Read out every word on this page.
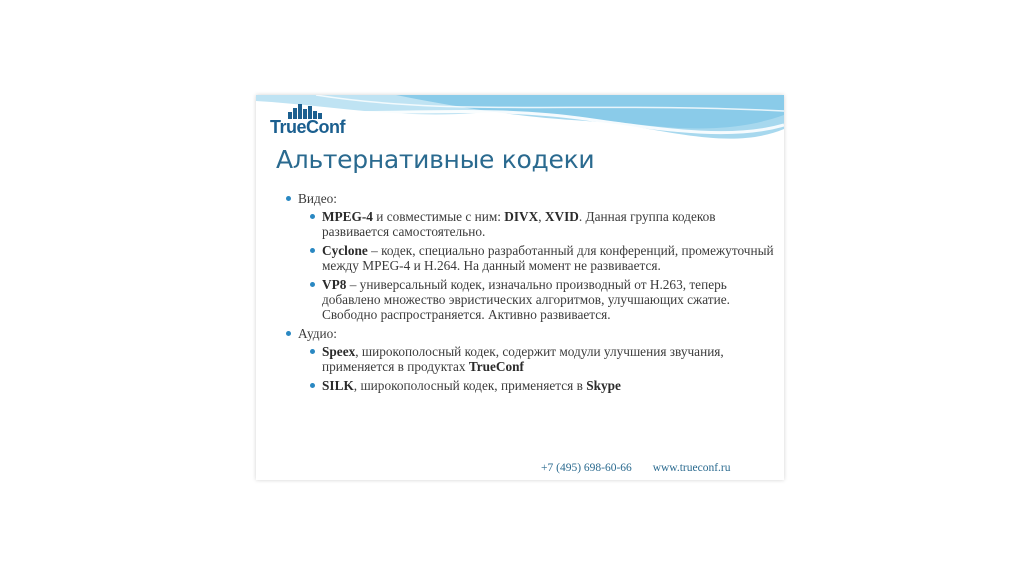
TrueConf
Альтернативные кодеки
Видео:
MPEG-4 и совместимые с ним: DIVX, XVID. Данная группа кодеков развивается самостоятельно.
Cyclone – кодек, специально разработанный для конференций, промежуточный между MPEG-4 и H.264. На данный момент не развивается.
VP8 – универсальный кодек, изначально производный от H.263, теперь добавлено множество эвристических алгоритмов, улучшающих сжатие. Свободно распространяется. Активно развивается.
Аудио:
Speex, широкополосный кодек, содержит модули улучшения звучания, применяется в продуктах TrueConf
SILK, широкополосный кодек, применяется в Skype
+7 (495) 698-60-66 www.trueconf.ru
